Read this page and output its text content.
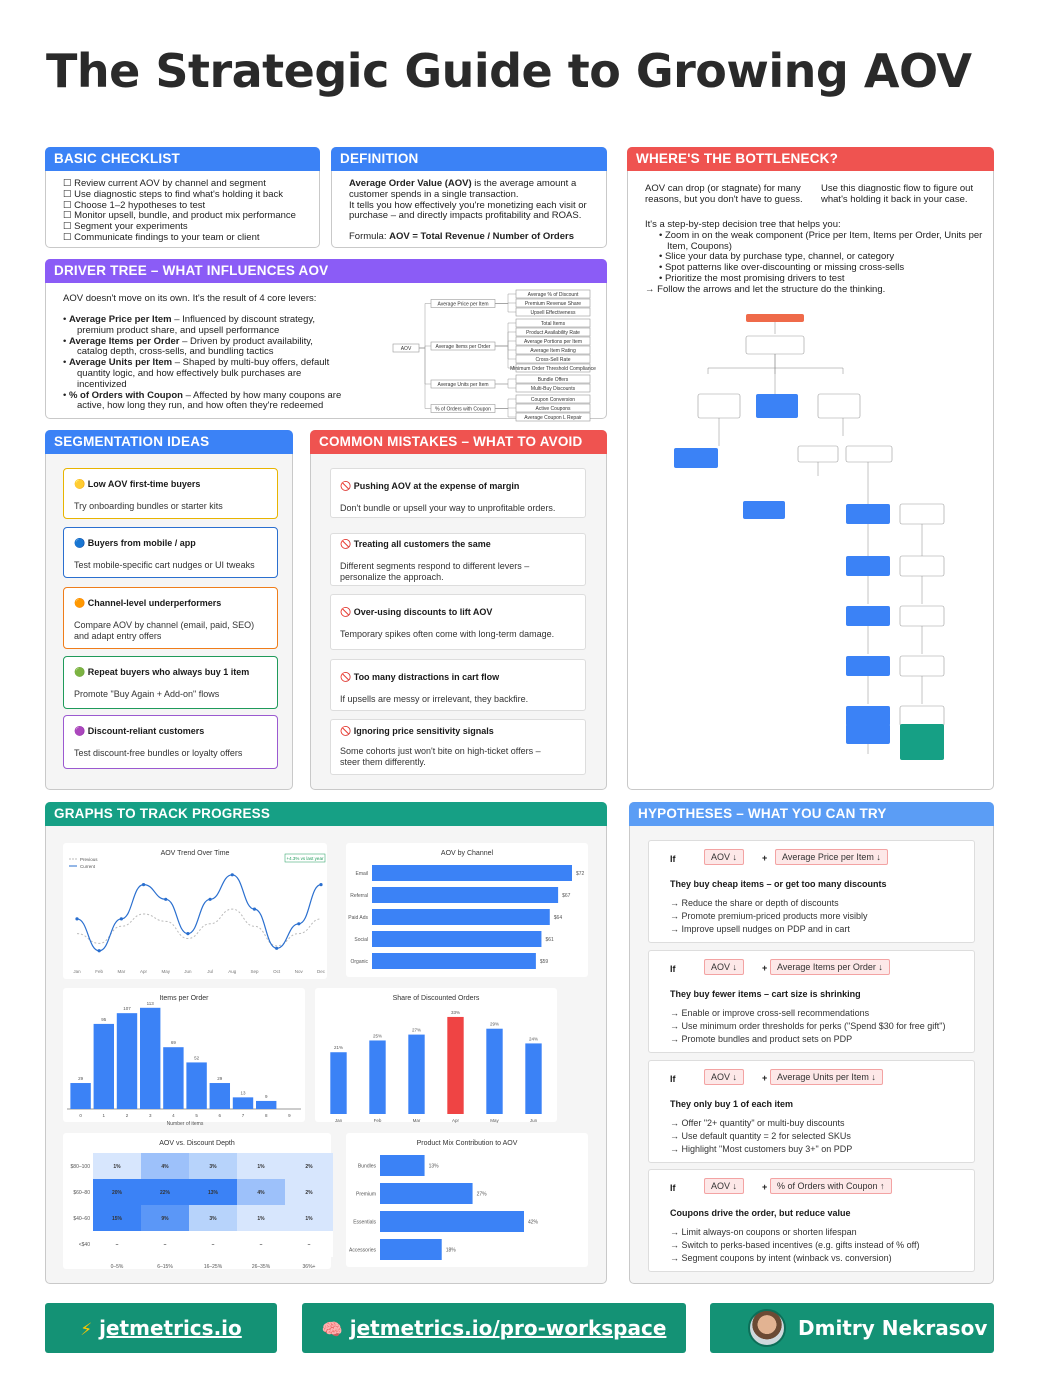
The Strategic Guide to Growing AOV
BASIC CHECKLIST
☐ Review current AOV by channel and segment
☐ Use diagnostic steps to find what's holding it back
☐ Choose 1–2 hypotheses to test
☐ Monitor upsell, bundle, and product mix performance
☐ Segment your experiments
☐ Communicate findings to your team or client
DEFINITION
Average Order Value (AOV) is the average amount a
customer spends in a single transaction.
It tells you how effectively you're monetizing each visit or
purchase – and directly impacts profitability and ROAS.
Formula: AOV = Total Revenue / Number of Orders
DRIVER TREE – WHAT INFLUENCES AOV
AOV doesn't move on its own. It's the result of 4 core levers:
• Average Price per Item – Influenced by discount strategy,
premium product share, and upsell performance
• Average Items per Order – Driven by product availability,
catalog depth, cross-sells, and bundling tactics
• Average Units per Item – Shaped by multi-buy offers, default
quantity logic, and how effectively bulk purchases are
incentivized
• % of Orders with Coupon – Affected by how many coupons are
active, how long they run, and how often they're redeemed
AOV
Average Price per Item
Average % of Discount
Premium Revenue Share
Upsell Effectiveness
Average Items per Order
Total Items
Product Availability Rate
Average Portions per Item
Average Item Rating
Cross-Sell Rate
Minimum Order Threshold Compliance
Average Units per Item
Bundle Offers
Multi-Buy Discounts
% of Orders with Coupon
Coupon Conversion
Active Coupons
Average Coupon L Repair
WHERE'S THE BOTTLENECK?
AOV can drop (or stagnate) for many
reasons, but you don't have to guess.
Use this diagnostic flow to figure out
what's holding it back in your case.
It's a step-by-step decision tree that helps you:
• Zoom in on the weak component (Price per Item, Items per Order, Units per
Item, Coupons)
• Slice your data by purchase type, channel, or category
• Spot patterns like over-discounting or missing cross-sells
• Prioritize the most promising drivers to test
→ Follow the arrows and let the structure do the thinking.
SEGMENTATION IDEAS
🟡 Low AOV first-time buyers
Try onboarding bundles or starter kits
🔵 Buyers from mobile / app
Test mobile-specific cart nudges or UI tweaks
🟠 Channel-level underperformers
Compare AOV by channel (email, paid, SEO)
and adapt entry offers
🟢 Repeat buyers who always buy 1 item
Promote "Buy Again + Add-on" flows
🟣 Discount-reliant customers
Test discount-free bundles or loyalty offers
COMMON MISTAKES – WHAT TO AVOID
🚫 Pushing AOV at the expense of margin
Don't bundle or upsell your way to unprofitable orders.
🚫 Treating all customers the same
Different segments respond to different levers –
personalize the approach.
🚫 Over-using discounts to lift AOV
Temporary spikes often come with long-term damage.
🚫 Too many distractions in cart flow
If upsells are messy or irrelevant, they backfire.
🚫 Ignoring price sensitivity signals
Some cohorts just won't bite on high-ticket offers –
steer them differently.
GRAPHS TO TRACK PROGRESS
AOV Trend Over Time
+4.3% vs last year
Jan	Feb	Mar	Apr	May	Jun	Jul	Aug	Sep	Oct	Nov	Dec
Previous
Current
AOV by Channel
Email	$72
Referral	$67
Paid Ads	$64
Social	$61
Organic	$59
Items per Order
29
0
95
1
107
2
113
3
69
4
52
5
29
6
13
7
9
8	9
Number of items
Share of Discounted Orders
21%
Jan
25%
Feb
27%
Mar
33%
Apr
29%
May
24%
Jun
AOV vs. Discount Depth
$80–100	1%	4%	3%	1%	2%
$60–80	20%	22%	13%	4%	2%
$40–60	15%	9%	3%	1%	1%
<$40	–	–	–	–	–
0–5%	6–15%	16–25%	26–35%	36%+
Product Mix Contribution to AOV
Bundles	13%
Premium	27%
Essentials	42%
Accessories	18%
HYPOTHESES – WHAT YOU CAN TRY
If	AOV ↓	+	Average Price per Item ↓
They buy cheap items – or get too many discounts
→ Reduce the share or depth of discounts
→ Promote premium-priced products more visibly
→ Improve upsell nudges on PDP and in cart
If	AOV ↓	+	Average Items per Order ↓
They buy fewer items – cart size is shrinking
→ Enable or improve cross-sell recommendations
→ Use minimum order thresholds for perks ("Spend $30 for free gift")
→ Promote bundles and product sets on PDP
If	AOV ↓	+	Average Units per Item ↓
They only buy 1 of each item
→ Offer "2+ quantity" or multi-buy discounts
→ Use default quantity = 2 for selected SKUs
→ Highlight "Most customers buy 3+" on PDP
If	AOV ↓	+	% of Orders with Coupon ↑
Coupons drive the order, but reduce value
→ Limit always-on coupons or shorten lifespan
→ Switch to perks-based incentives (e.g. gifts instead of % off)
→ Segment coupons by intent (winback vs. conversion)
⚡ jetmetrics.io	🧠 jetmetrics.io/pro-workspace	Dmitry Nekrasov
